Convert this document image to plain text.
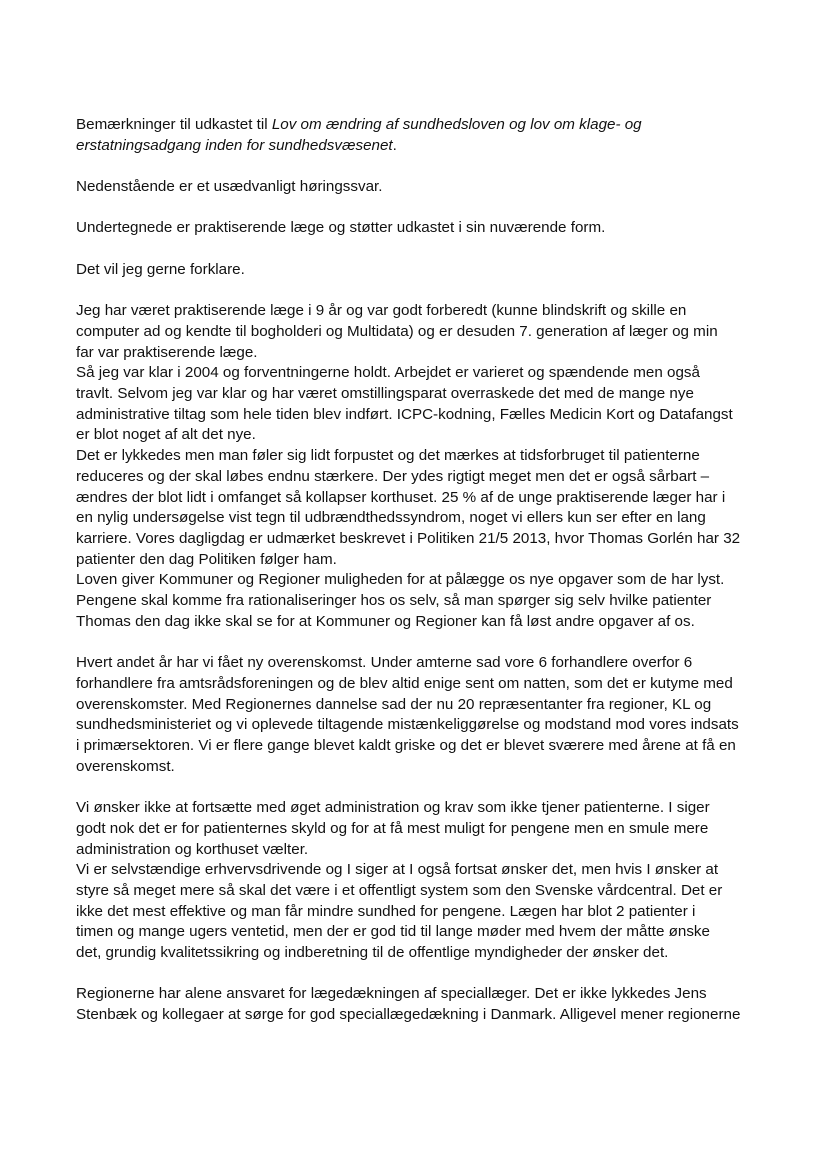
Bemærkninger til udkastet til Lov om ændring af sundhedsloven og lov om klage- og
erstatningsadgang inden for sundhedsvæsenet.
Nedenstående er et usædvanligt høringssvar.
Undertegnede er praktiserende læge og støtter udkastet i sin nuværende form.
Det vil jeg gerne forklare.
Jeg har været praktiserende læge i 9 år og var godt forberedt (kunne blindskrift og skille en
computer ad og kendte til bogholderi og Multidata) og er desuden 7. generation af læger og min
far var praktiserende læge.
Så jeg var klar i 2004 og forventningerne holdt. Arbejdet er varieret og spændende men også
travlt. Selvom jeg var klar og har været omstillingsparat overraskede det med de mange nye
administrative tiltag som hele tiden blev indført. ICPC-kodning, Fælles Medicin Kort og Datafangst
er blot noget af alt det nye.
Det er lykkedes men man føler sig lidt forpustet og det mærkes at tidsforbruget til patienterne
reduceres og der skal løbes endnu stærkere. Der ydes rigtigt meget men det er også sårbart –
ændres der blot lidt i omfanget så kollapser korthuset. 25 % af de unge praktiserende læger har i
en nylig undersøgelse vist tegn til udbrændthedssyndrom, noget vi ellers kun ser efter en lang
karriere. Vores dagligdag er udmærket beskrevet i Politiken 21/5 2013, hvor Thomas Gorlén har 32
patienter den dag Politiken følger ham.
Loven giver Kommuner og Regioner muligheden for at pålægge os nye opgaver som de har lyst.
Pengene skal komme fra rationaliseringer hos os selv, så man spørger sig selv hvilke patienter
Thomas den dag ikke skal se for at Kommuner og Regioner kan få løst andre opgaver af os.
Hvert andet år har vi fået ny overenskomst. Under amterne sad vore 6 forhandlere overfor 6
forhandlere fra amtsrådsforeningen og de blev altid enige sent om natten, som det er kutyme med
overenskomster. Med Regionernes dannelse sad der nu 20 repræsentanter fra regioner, KL og
sundhedsministeriet og vi oplevede tiltagende mistænkeliggørelse og modstand mod vores indsats
i primærsektoren. Vi er flere gange blevet kaldt griske og det er blevet sværere med årene at få en
overenskomst.
Vi ønsker ikke at fortsætte med øget administration og krav som ikke tjener patienterne. I siger
godt nok det er for patienternes skyld og for at få mest muligt for pengene men en smule mere
administration og korthuset vælter.
Vi er selvstændige erhvervsdrivende og I siger at I også fortsat ønsker det, men hvis I ønsker at
styre så meget mere så skal det være i et offentligt system som den Svenske vårdcentral. Det er
ikke det mest effektive og man får mindre sundhed for pengene. Lægen har blot 2 patienter i
timen og mange ugers ventetid, men der er god tid til lange møder med hvem der måtte ønske
det, grundig kvalitetssikring og indberetning til de offentlige myndigheder der ønsker det.
Regionerne har alene ansvaret for lægedækningen af speciallæger. Det er ikke lykkedes Jens
Stenbæk og kollegaer at sørge for god speciallægedækning i Danmark. Alligevel mener regionerne
